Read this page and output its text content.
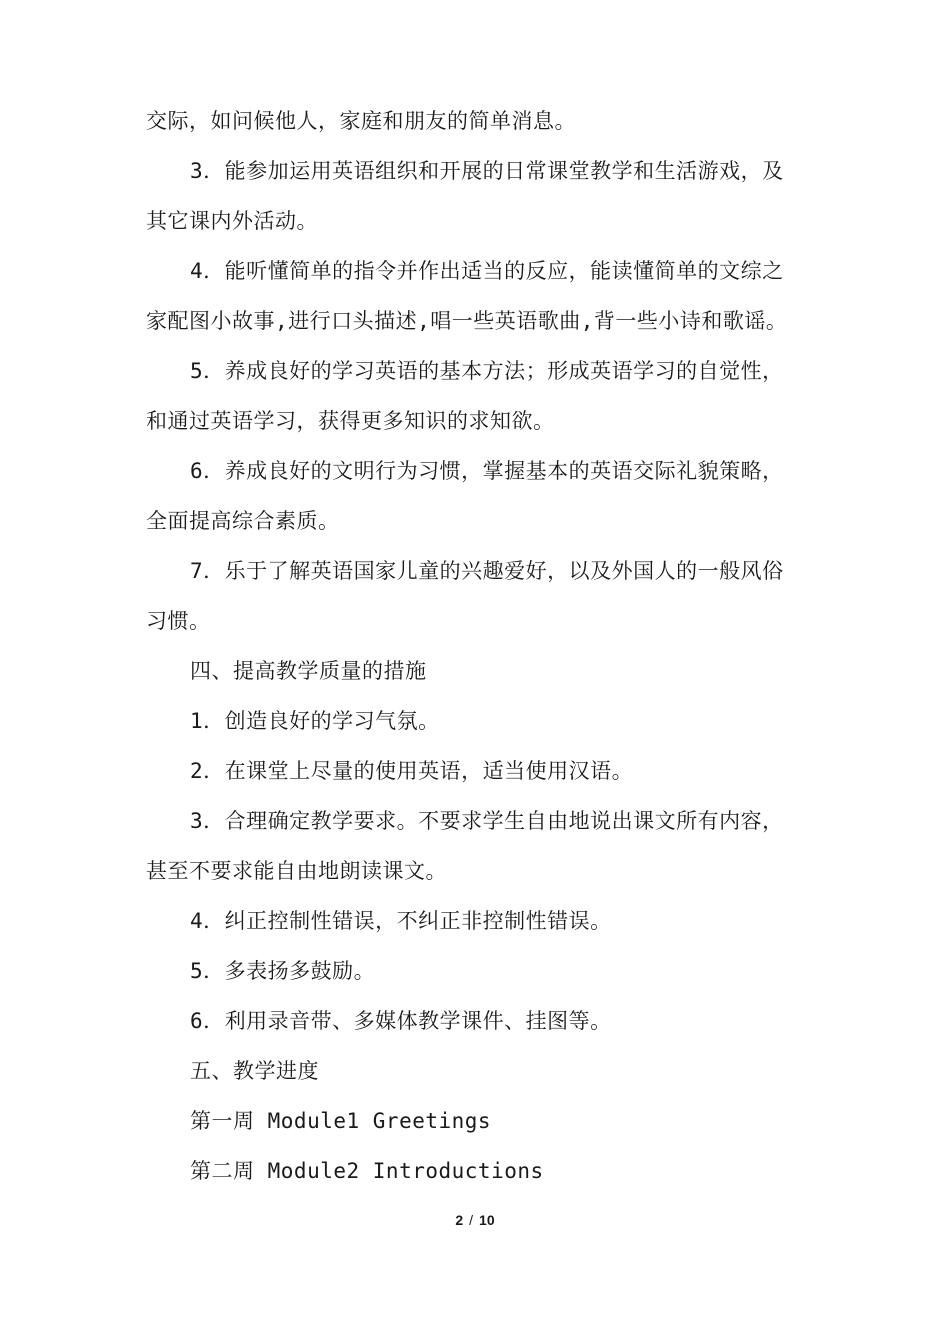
交际，如问候他人，家庭和朋友的简单消息。
3．能参加运用英语组织和开展的日常课堂教学和生活游戏，及
其它课内外活动。
4．能听懂简单的指令并作出适当的反应，能读懂简单的文综之
家配图小故事,进行口头描述,唱一些英语歌曲,背一些小诗和歌谣。
5．养成良好的学习英语的基本方法；形成英语学习的自觉性，
和通过英语学习，获得更多知识的求知欲。
6．养成良好的文明行为习惯，掌握基本的英语交际礼貌策略，
全面提高综合素质。
7．乐于了解英语国家儿童的兴趣爱好，以及外国人的一般风俗
习惯。
四、提高教学质量的措施
1．创造良好的学习气氛。
2．在课堂上尽量的使用英语，适当使用汉语。
3．合理确定教学要求。不要求学生自由地说出课文所有内容，
甚至不要求能自由地朗读课文。
4．纠正控制性错误，不纠正非控制性错误。
5．多表扬多鼓励。
6．利用录音带、多媒体教学课件、挂图等。
五、教学进度
第一周 Module1 Greetings
第二周 Module2 Introductions
2 / 10
